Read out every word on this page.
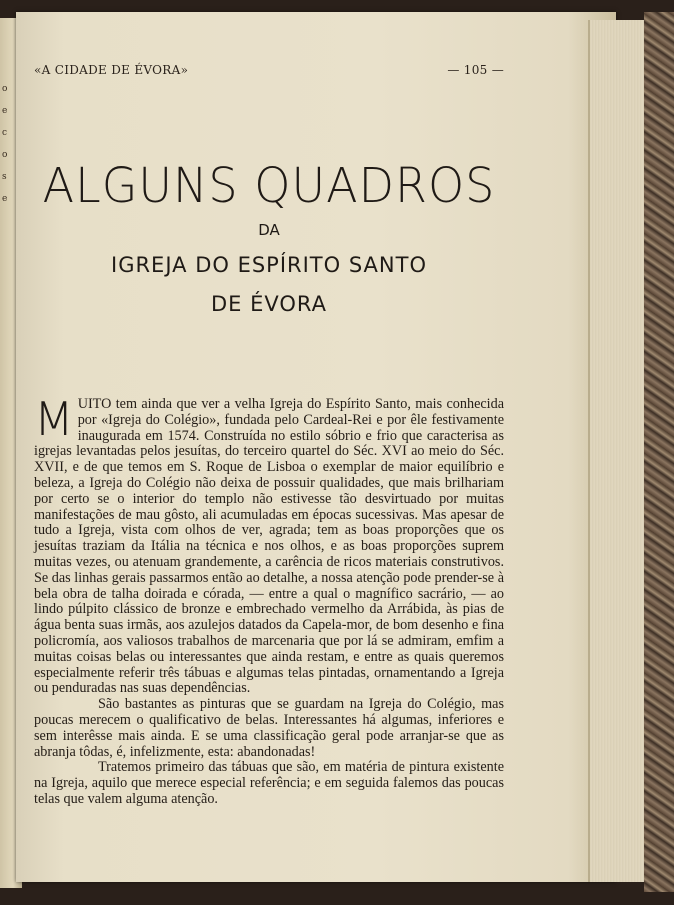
o
e
c
o
s
e
«A CIDADE DE ÉVORA»	— 105 —
ALGUNS QUADROS
DA
IGREJA DO ESPÍRITO SANTO
DE ÉVORA

M UITO tem ainda que ver a velha Igreja do Espírito Santo, mais conhecida por «Igreja do Colégio», fundada pelo Cardeal-Rei e por êle festivamente inaugurada em 1574. Construída no estilo sóbrio e frio que caracterisa as igrejas levantadas pelos jesuítas, do terceiro quartel do Séc. XVI ao meio do Séc. XVII, e de que temos em S. Roque de Lisboa o exemplar de maior equilíbrio e beleza, a Igreja do Colégio não deixa de possuir qualidades, que mais brilhariam por certo se o interior do templo não estivesse tão desvirtuado por muitas manifestações de mau gôsto, ali acumuladas em épocas sucessivas. Mas apesar de tudo a Igreja, vista com olhos de ver, agrada; tem as boas proporções que os jesuítas traziam da Itália na técnica e nos olhos, e as boas proporções suprem muitas vezes, ou atenuam grandemente, a carência de ricos materiais construtivos. Se das linhas gerais passarmos então ao detalhe, a nossa atenção pode prender-se à bela obra de talha doirada e córada, — entre a qual o magnífico sacrário, — ao lindo púlpito clássico de bronze e embrechado vermelho da Arrábida, às pias de água benta suas irmãs, aos azulejos datados da Capela-mor, de bom desenho e fina policromía, aos valiosos trabalhos de marcenaria que por lá se admiram, emfim a muitas coisas belas ou interessantes que ainda restam, e entre as quais queremos especialmente referir três tábuas e algumas telas pintadas, ornamentando a Igreja ou penduradas nas suas dependências.

São bastantes as pinturas que se guardam na Igreja do Colégio, mas poucas merecem o qualificativo de belas. Interessantes há algumas, inferiores e sem interêsse mais ainda. E se uma classificação geral pode arranjar-se que as abranja tôdas, é, infelizmente, esta: abandonadas!

Tratemos primeiro das tábuas que são, em matéria de pintura existente na Igreja, aquilo que merece especial referência; e em seguida falemos das poucas telas que valem alguma atenção.
